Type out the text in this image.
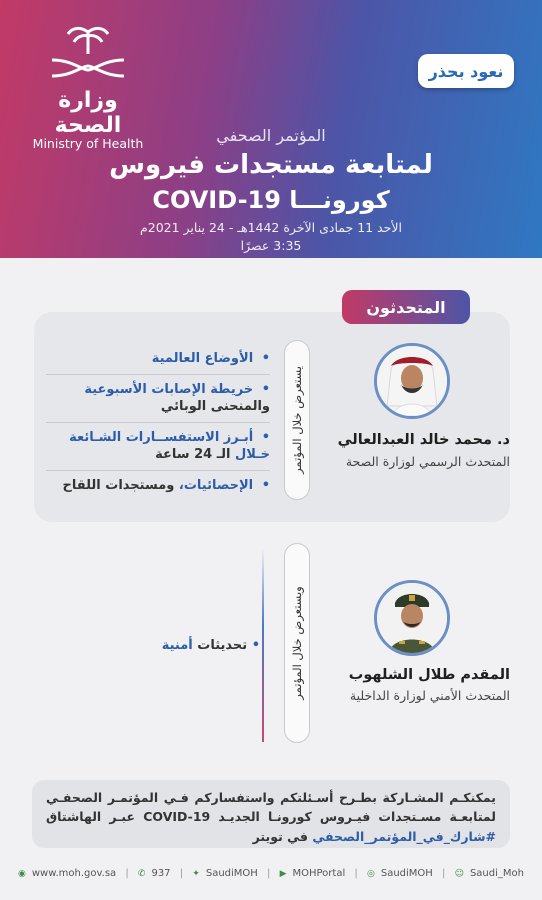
وزارة الصحة
Ministry of Health
نعود بحذر
المؤتمر الصحفي
لمتابعة مستجدات فيروس
كورونـــا COVID-19
الأحد 11 جمادى الآخرة 1442هـ - 24 يناير 2021م
3:35 عصرًا
المتحدثون
د. محمد خالد العبدالعالي
المتحدث الرسمي لوزارة الصحة
يستعرض خلال المؤتمر
• الأوضاع العالمية
• خريطة الإصابات الأسبوعية والمنحنى الوبائي
• أبـرز الاستفســارات الشـائعة خـلال الـ 24 ساعة
• الإحصائيات، ومستجدات اللقاح
المقدم طلال الشلهوب
المتحدث الأمني لوزارة الداخلية
ويستعرض خلال المؤتمر
• تحديثات أمنية
يمكنكـم المشـاركة بطـرح أسـئلتكم واستفساركم فـي المؤتمـر الصحفـي لمتابعـة مسـتجدات فيـروس كورونـا الجديـد COVID-19 عبـر الهاشتاق #شارك_في_المؤتمر_الصحفي في تويتر
◉ www.moh.gov.sa | ✆ 937 | ✦ SaudiMOH | ▶ MOHPortal | ◎ SaudiMOH | ☺ Saudi_Moh
